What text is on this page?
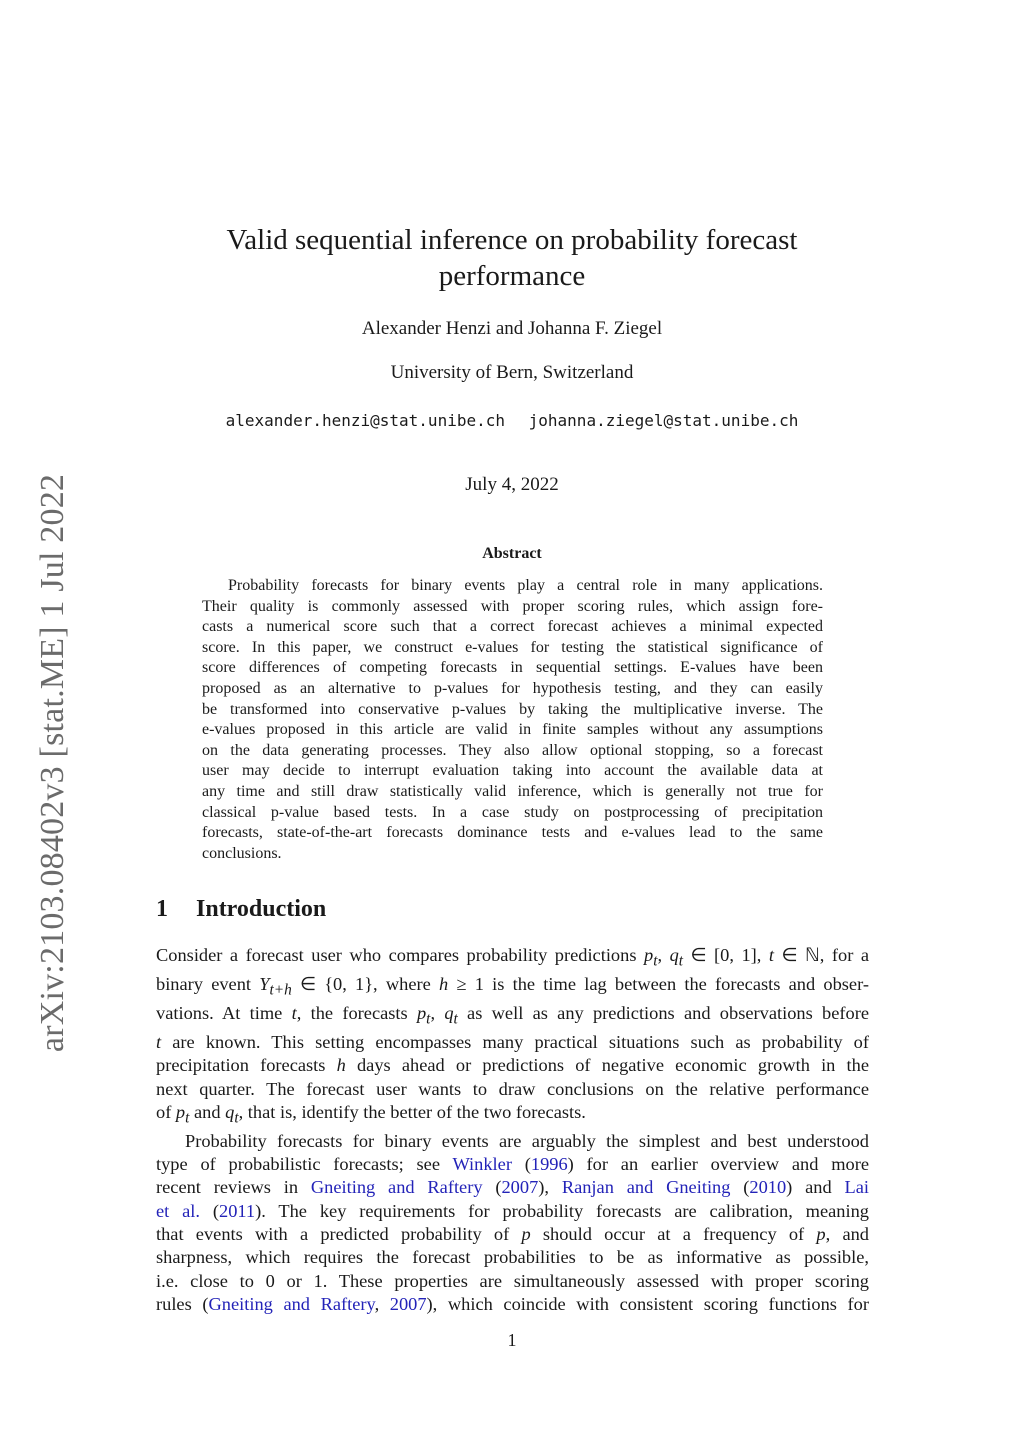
arXiv:2103.08402v3 [stat.ME] 1 Jul 2022
Valid sequential inference on probability forecast
performance
Alexander Henzi and Johanna F. Ziegel
University of Bern, Switzerland
alexander.henzi@stat.unibe.ch johanna.ziegel@stat.unibe.ch
July 4, 2022
Abstract

Probability forecasts for binary events play a central role in many applications.
Their quality is commonly assessed with proper scoring rules, which assign fore-
casts a numerical score such that a correct forecast achieves a minimal expected
score. In this paper, we construct e-values for testing the statistical significance of
score differences of competing forecasts in sequential settings. E-values have been
proposed as an alternative to p-values for hypothesis testing, and they can easily
be transformed into conservative p-values by taking the multiplicative inverse. The
e-values proposed in this article are valid in finite samples without any assumptions
on the data generating processes. They also allow optional stopping, so a forecast
user may decide to interrupt evaluation taking into account the available data at
any time and still draw statistically valid inference, which is generally not true for
classical p-value based tests. In a case study on postprocessing of precipitation
forecasts, state-of-the-art forecasts dominance tests and e-values lead to the same
conclusions.

1 Introduction
Consider a forecast user who compares probability predictions $p_t$, $q_t$ ∈ [0, 1], t ∈ ℕ, for a
binary event $Y_{t+h}$ ∈ {0, 1}, where h ≥ 1 is the time lag between the forecasts and obser-
vations. At time t, the forecasts $p_t$, $q_t$ as well as any predictions and observations before
t are known. This setting encompasses many practical situations such as probability of
precipitation forecasts h days ahead or predictions of negative economic growth in the
next quarter. The forecast user wants to draw conclusions on the relative performance
of $p_t$ and $q_t$, that is, identify the better of the two forecasts.
Probability forecasts for binary events are arguably the simplest and best understood
type of probabilistic forecasts; see Winkler (1996) for an earlier overview and more
recent reviews in Gneiting and Raftery (2007), Ranjan and Gneiting (2010) and Lai
et al. (2011). The key requirements for probability forecasts are calibration, meaning
that events with a predicted probability of p should occur at a frequency of p, and
sharpness, which requires the forecast probabilities to be as informative as possible,
i.e. close to 0 or 1. These properties are simultaneously assessed with proper scoring
rules (Gneiting and Raftery, 2007), which coincide with consistent scoring functions for
1
